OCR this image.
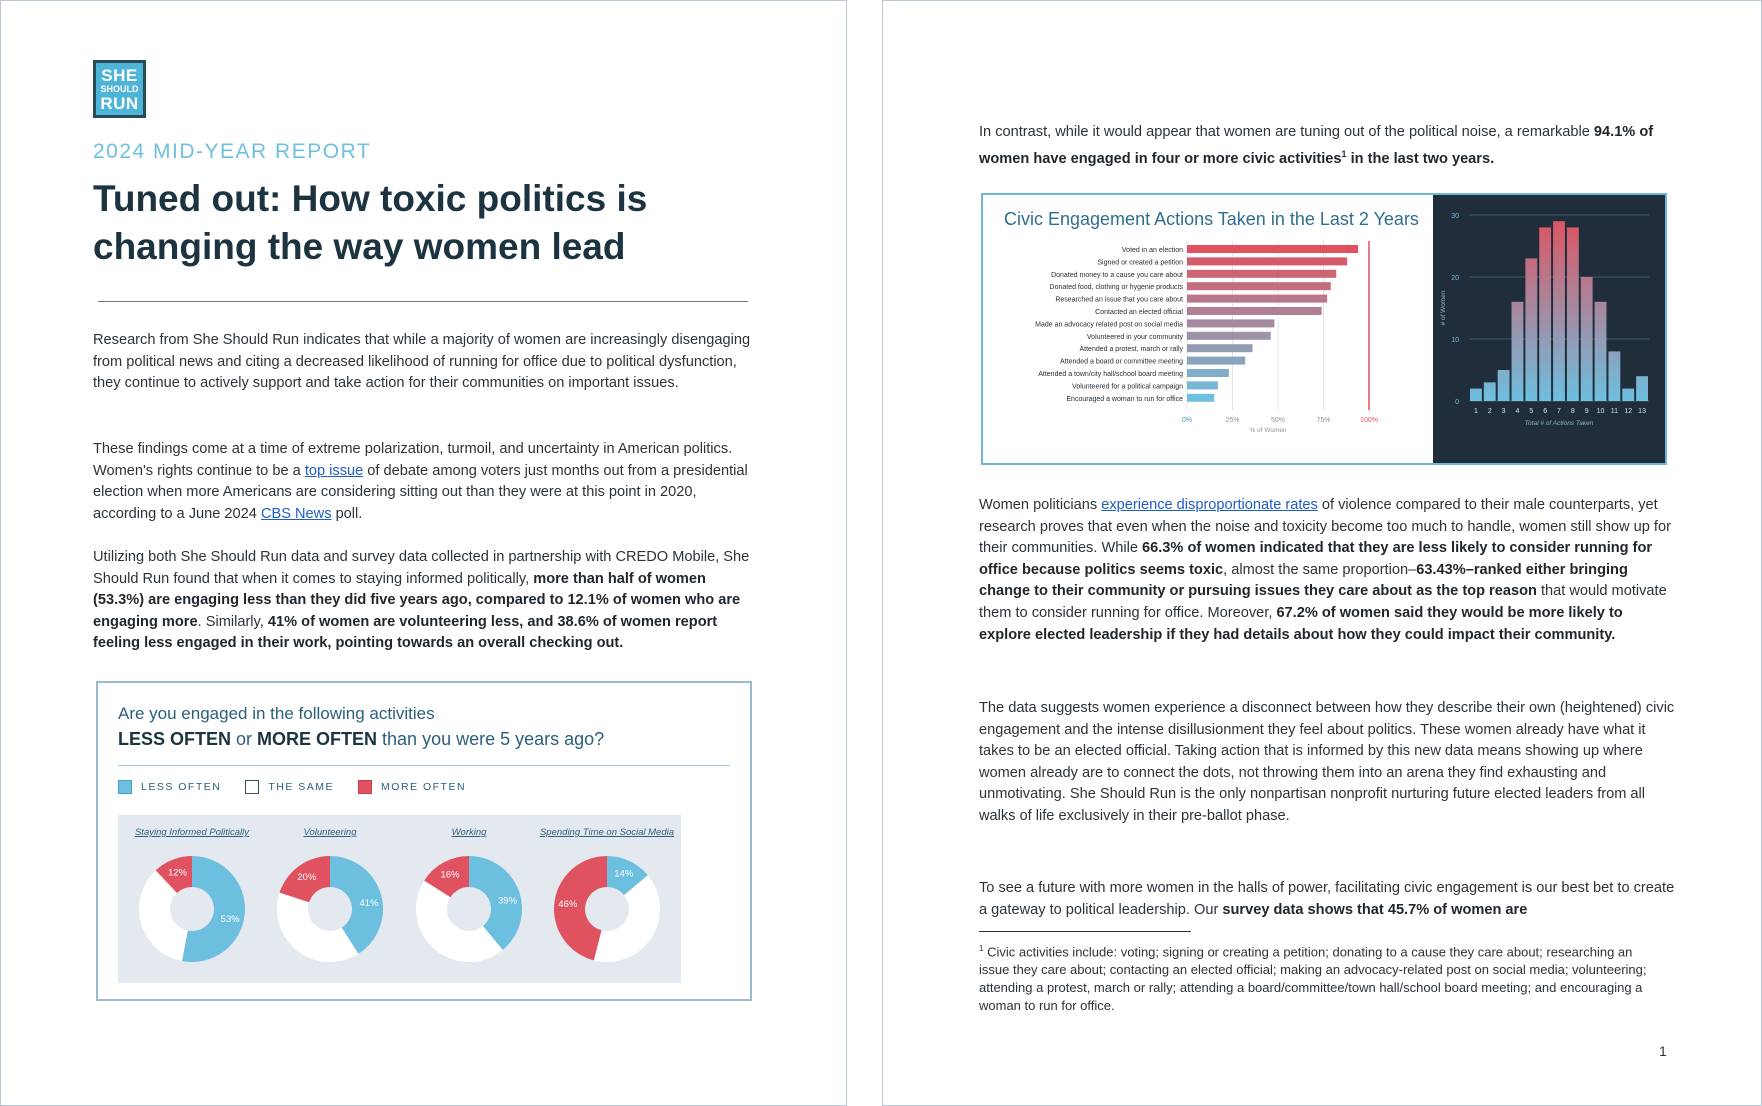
SHE
SHOULD
RUN
2024 MID-YEAR REPORT
Tuned out: How toxic politics is changing the way women lead

Research from She Should Run indicates that while a majority of women are increasingly disengaging from political news and citing a decreased likelihood of running for office due to political dysfunction, they continue to actively support and take action for their communities on important issues.

These findings come at a time of extreme polarization, turmoil, and uncertainty in American politics. Women's rights continue to be a top issue of debate among voters just months out from a presidential election when more Americans are considering sitting out than they were at this point in 2020, according to a June 2024 CBS News poll.

Utilizing both She Should Run data and survey data collected in partnership with CREDO Mobile, She Should Run found that when it comes to staying informed politically, more than half of women (53.3%) are engaging less than they did five years ago, compared to 12.1% of women who are engaging more. Similarly, 41% of women are volunteering less, and 38.6% of women report feeling less engaged in their work, pointing towards an overall checking out.

Are you engaged in the following activities
LESS OFTEN or MORE OFTEN than you were 5 years ago?
LESS OFTEN	THE SAME	MORE OFTEN
Staying Informed Politically
53%
12%
Volunteering
41%
20%
Working
39%
16%
Spending Time on Social Media
14%
46%

In contrast, while it would appear that women are tuning out of the political noise, a remarkable 94.1% of women have engaged in four or more civic activities$^1$ in the last two years.

0%	25%	50%	75%	100%
Voted in an election
Signed or created a petition
Donated money to a cause you care about
Donated food, clothing or hygenie products
Researched an issue that you care about
Contacted an elected official
Made an advocacy related post on social media
Volunteered in your community
Attended a protest, march or rally
Attended a board or committee meeting
Attended a town/city hall/school board meeting
Volunteered for a political campaign
Encouraged a woman to run for office
% of Women
Civic Engagement Actions Taken in the Last 2 Years
0
10
20
30
1 2 3 4 5 6 7 8 9 10 11 12 13
Total # of Actions Taken
# of Women

Women politicians experience disproportionate rates of violence compared to their male counterparts, yet research proves that even when the noise and toxicity become too much to handle, women still show up for their communities. While 66.3% of women indicated that they are less likely to consider running for office because politics seems toxic, almost the same proportion–63.43%–ranked either bringing change to their community or pursuing issues they care about as the top reason that would motivate them to consider running for office. Moreover, 67.2% of women said they would be more likely to explore elected leadership if they had details about how they could impact their community.

The data suggests women experience a disconnect between how they describe their own (heightened) civic engagement and the intense disillusionment they feel about politics. These women already have what it takes to be an elected official. Taking action that is informed by this new data means showing up where women already are to connect the dots, not throwing them into an arena they find exhausting and unmotivating. She Should Run is the only nonpartisan nonprofit nurturing future elected leaders from all walks of life exclusively in their pre-ballot phase.

To see a future with more women in the halls of power, facilitating civic engagement is our best bet to create a gateway to political leadership. Our survey data shows that 45.7% of women are

$^1$ Civic activities include: voting; signing or creating a petition; donating to a cause they care about; researching an issue they care about; contacting an elected official; making an advocacy-related post on social media; volunteering; attending a protest, march or rally; attending a board/committee/town hall/school board meeting; and encouraging a woman to run for office.

1
